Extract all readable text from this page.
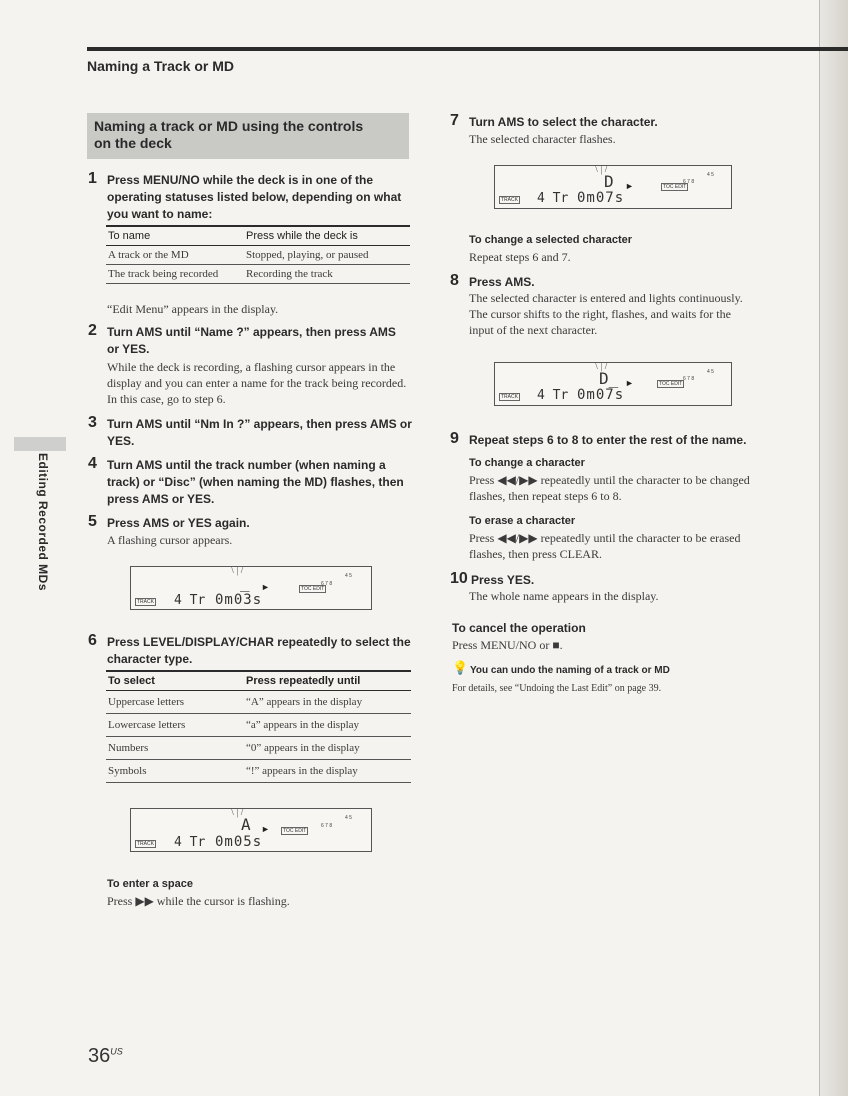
Naming a Track or MD
Naming a track or MD using the controls
on the deck
Editing Recorded MDs
1 Press MENU/NO while the deck is in one of the operating statuses listed below, depending on what you want to name:
To name	Press while the deck is
A track or the MD	Stopped, playing, or paused
The track being recorded	Recording the track
“Edit Menu” appears in the display.
2 Turn AMS until “Name ?” appears, then press AMS or YES.
While the deck is recording, a flashing cursor appears in the display and you can enter a name for the track being recorded. In this case, go to step 6.
3 Turn AMS until “Nm In ?” appears, then press AMS or YES.
4 Turn AMS until the track number (when naming a track) or “Disc” (when naming the MD) flashes, then press AMS or YES.
5 Press AMS or YES again.
A flashing cursor appears.
\ | /
_	4 5
6 7 8
►	TOC EDIT
TRACK 4 Tr 0m03s
6 Press LEVEL/DISPLAY/CHAR repeatedly to select the character type.
To select	Press repeatedly until
Uppercase letters	“A” appears in the display
Lowercase letters	“a” appears in the display
Numbers	“0” appears in the display
Symbols	“!” appears in the display
\ | /
A	4 5
6 7 8
►	TOC EDIT
TRACK 4 Tr 0m05s
To enter a space
Press ▶▶ while the cursor is flashing.
7 Turn AMS to select the character.
The selected character flashes.
\ | /
D	4 5
6 7 8
►	TOC EDIT
TRACK 4 Tr 0m07s
To change a selected character
Repeat steps 6 and 7.
8 Press AMS.
The selected character is entered and lights continuously. The cursor shifts to the right, flashes, and waits for the input of the next character.
\ | /
D_	4 5
6 7 8
►	TOC EDIT
TRACK 4 Tr 0m07s
9 Repeat steps 6 to 8 to enter the rest of the name.
To change a character
Press ◀◀/▶▶ repeatedly until the character to be changed flashes, then repeat steps 6 to 8.
To erase a character
Press ◀◀/▶▶ repeatedly until the character to be erased flashes, then press CLEAR.
10 Press YES.
The whole name appears in the display.
To cancel the operation
Press MENU/NO or ■.
💡 You can undo the naming of a track or MD
For details, see “Undoing the Last Edit” on page 39.
$36^{US}$
